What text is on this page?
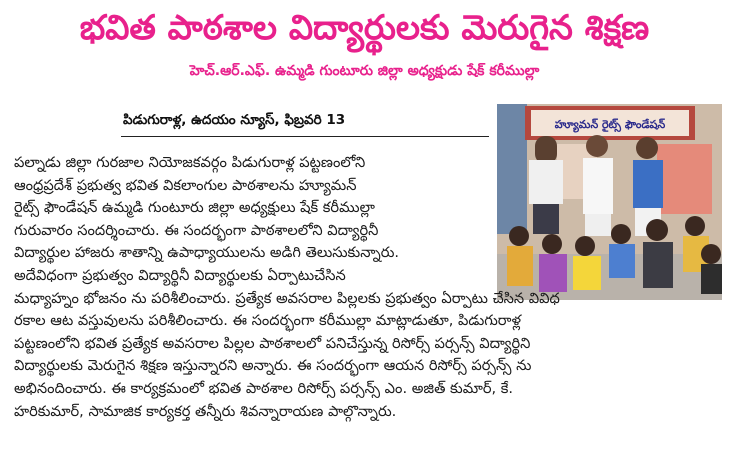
భవిత పాఠశాల విద్యార్థులకు మెరుగైన శిక్షణ
హెచ్.ఆర్.ఎఫ్. ఉమ్మడి గుంటూరు జిల్లా అధ్యక్షుడు షేక్ కరీముల్లా
పిడుగురాళ్ల, ఉదయం న్యూస్, ఫిబ్రవరి 13	హ్యూమన్ రైట్స్ ఫౌండేషన్
పల్నాడు జిల్లా గురజాల నియోజకవర్గం పిడుగురాళ్ల పట్టణంలోని
ఆంధ్రప్రదేశ్ ప్రభుత్వ భవిత వికలాంగుల పాఠశాలను హ్యూమన్
రైట్స్ ఫౌండేషన్ ఉమ్మడి గుంటూరు జిల్లా అధ్యక్షులు షేక్ కరీముల్లా
గురువారం సందర్శించారు. ఈ సందర్భంగా పాఠశాలలోని విద్యార్థినీ
విద్యార్థుల హాజరు శాతాన్ని ఉపాధ్యాయులను అడిగి తెలుసుకున్నారు.
అదేవిధంగా ప్రభుత్వం విద్యార్థినీ విద్యార్థులకు ఏర్పాటుచేసిన
మధ్యాహ్నం భోజనం ను పరిశీలించారు. ప్రత్యేక అవసరాల పిల్లలకు ప్రభుత్వం ఏర్పాటు చేసిన వివిధ
రకాల ఆట వస్తువులను పరిశీలించారు. ఈ సందర్భంగా కరీముల్లా మాట్లాడుతూ, పిడుగురాళ్ల
పట్టణంలోని భవిత ప్రత్యేక అవసరాల పిల్లల పాఠశాలలో పనిచేస్తున్న రిసోర్స్ పర్సన్స్ విద్యార్థిని
విద్యార్థులకు మెరుగైన శిక్షణ ఇస్తున్నారని అన్నారు. ఈ సందర్భంగా ఆయన రిసోర్స్ పర్సన్స్ ను
అభినందించారు. ఈ కార్యక్రమంలో భవిత పాఠశాల రిసోర్స్ పర్సన్స్ ఎం. అజిత్ కుమార్, కే.
హరికుమార్, సామాజిక కార్యకర్త తన్నీరు శివన్నారాయణ పాల్గొన్నారు.
